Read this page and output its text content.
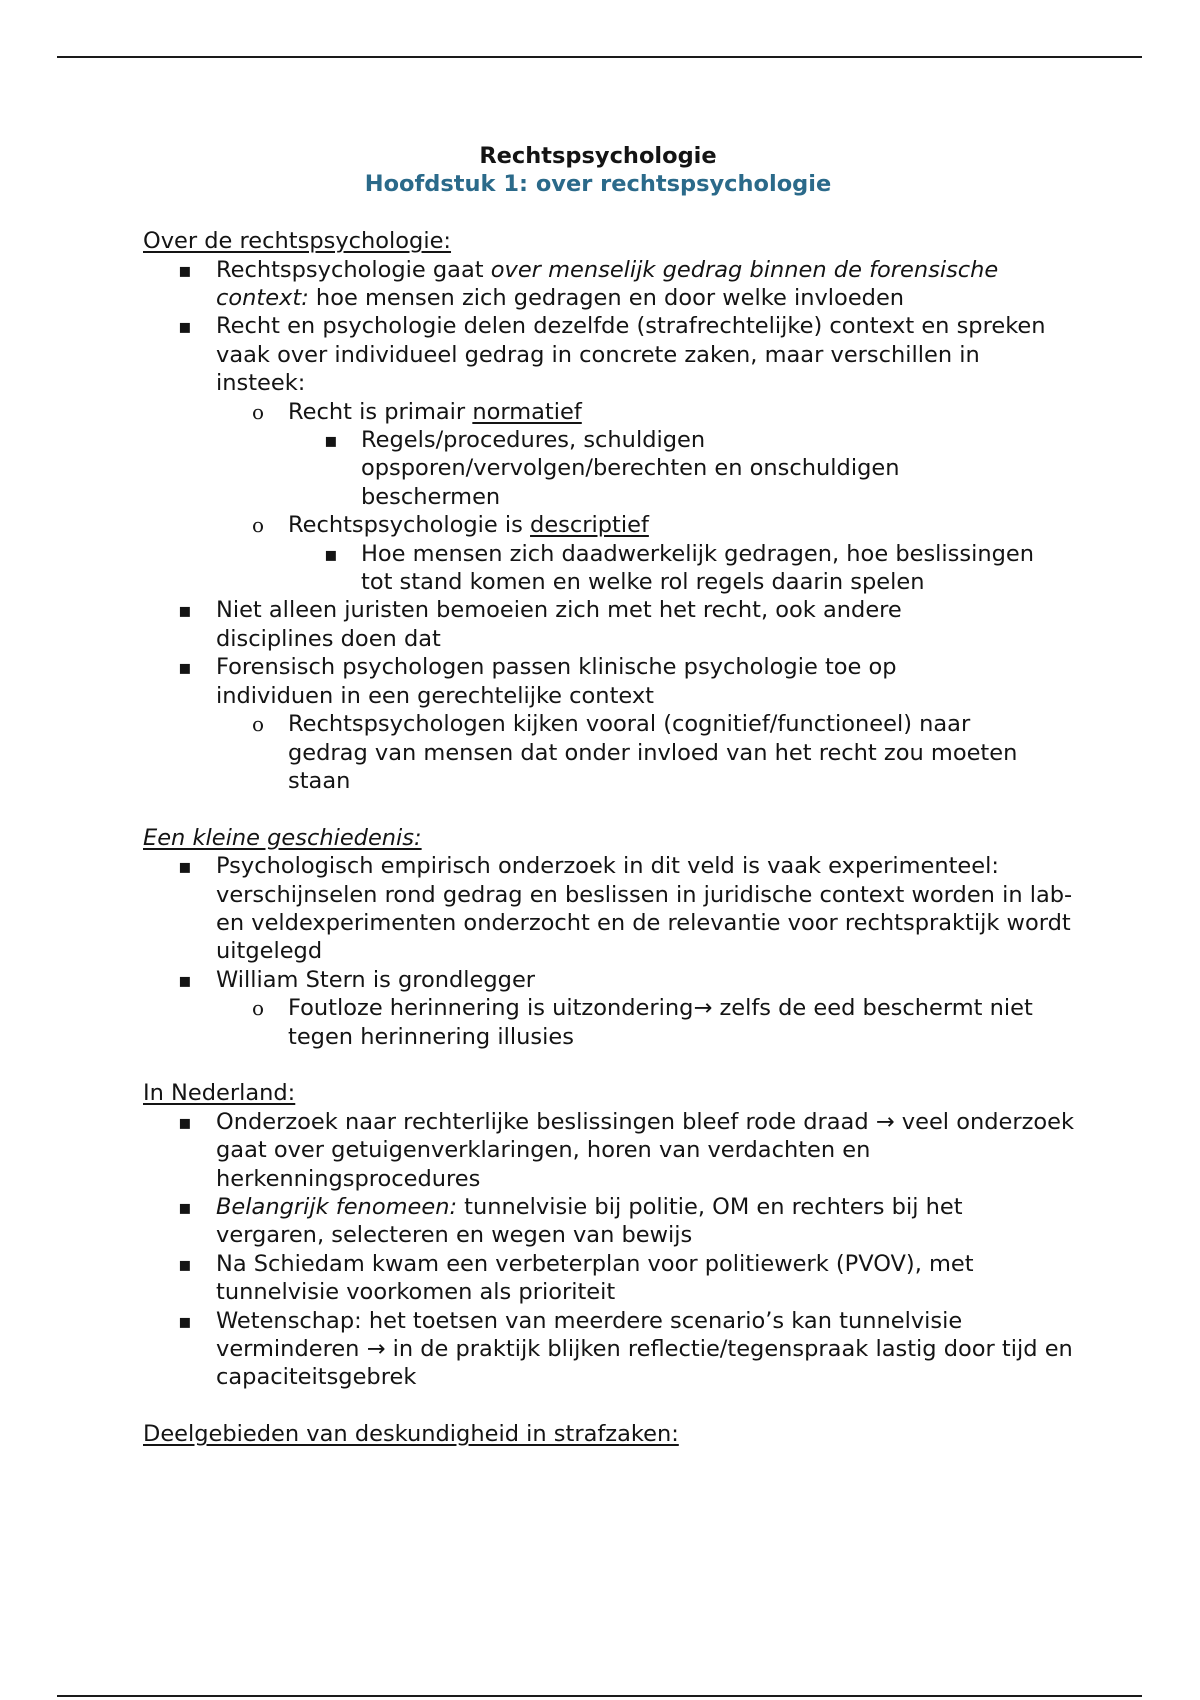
Rechtspsychologie

Hoofdstuk 1: over rechtspsychologie

Over de rechtspsychologie:

▪ Rechtspsychologie gaat over menselijk gedrag binnen de forensische context: hoe mensen zich gedragen en door welke invloeden
▪ Recht en psychologie delen dezelfde (strafrechtelijke) context en spreken vaak over individueel gedrag in concrete zaken, maar verschillen in insteek:
o Recht is primair normatief
▪ Regels/procedures, schuldigen opsporen/vervolgen/berechten en onschuldigen beschermen
o Rechtspsychologie is descriptief
▪ Hoe mensen zich daadwerkelijk gedragen, hoe beslissingen tot stand komen en welke rol regels daarin spelen
▪ Niet alleen juristen bemoeien zich met het recht, ook andere disciplines doen dat
▪ Forensisch psychologen passen klinische psychologie toe op individuen in een gerechtelijke context
o Rechtspsychologen kijken vooral (cognitief/functioneel) naar gedrag van mensen dat onder invloed van het recht zou moeten staan

Een kleine geschiedenis:

▪ Psychologisch empirisch onderzoek in dit veld is vaak experimenteel: verschijnselen rond gedrag en beslissen in juridische context worden in lab- en veldexperimenten onderzocht en de relevantie voor rechtspraktijk wordt uitgelegd
▪ William Stern is grondlegger
o Foutloze herinnering is uitzondering→ zelfs de eed beschermt niet tegen herinnering illusies

In Nederland:

▪ Onderzoek naar rechterlijke beslissingen bleef rode draad → veel onderzoek gaat over getuigenverklaringen, horen van verdachten en herkenningsprocedures
▪ Belangrijk fenomeen: tunnelvisie bij politie, OM en rechters bij het vergaren, selecteren en wegen van bewijs
▪ Na Schiedam kwam een verbeterplan voor politiewerk (PVOV), met tunnelvisie voorkomen als prioriteit
▪ Wetenschap: het toetsen van meerdere scenario’s kan tunnelvisie verminderen → in de praktijk blijken reflectie/tegenspraak lastig door tijd en capaciteitsgebrek

Deelgebieden van deskundigheid in strafzaken:
